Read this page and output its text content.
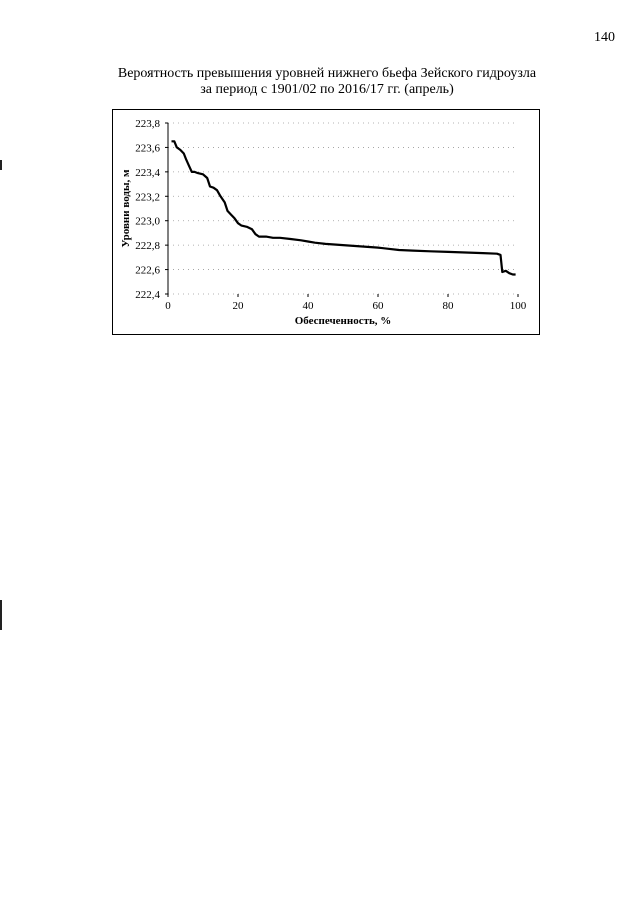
140
Вероятность превышения уровней нижнего бьефа Зейского гидроузла
за период с 1901/02 по 2016/17 гг. (апрель)
222,4
222,6
222,8
223,0
223,2
223,4
223,6
223,8
0	20	40	60	80	100
Обеспеченность, %
Уровни воды, м
